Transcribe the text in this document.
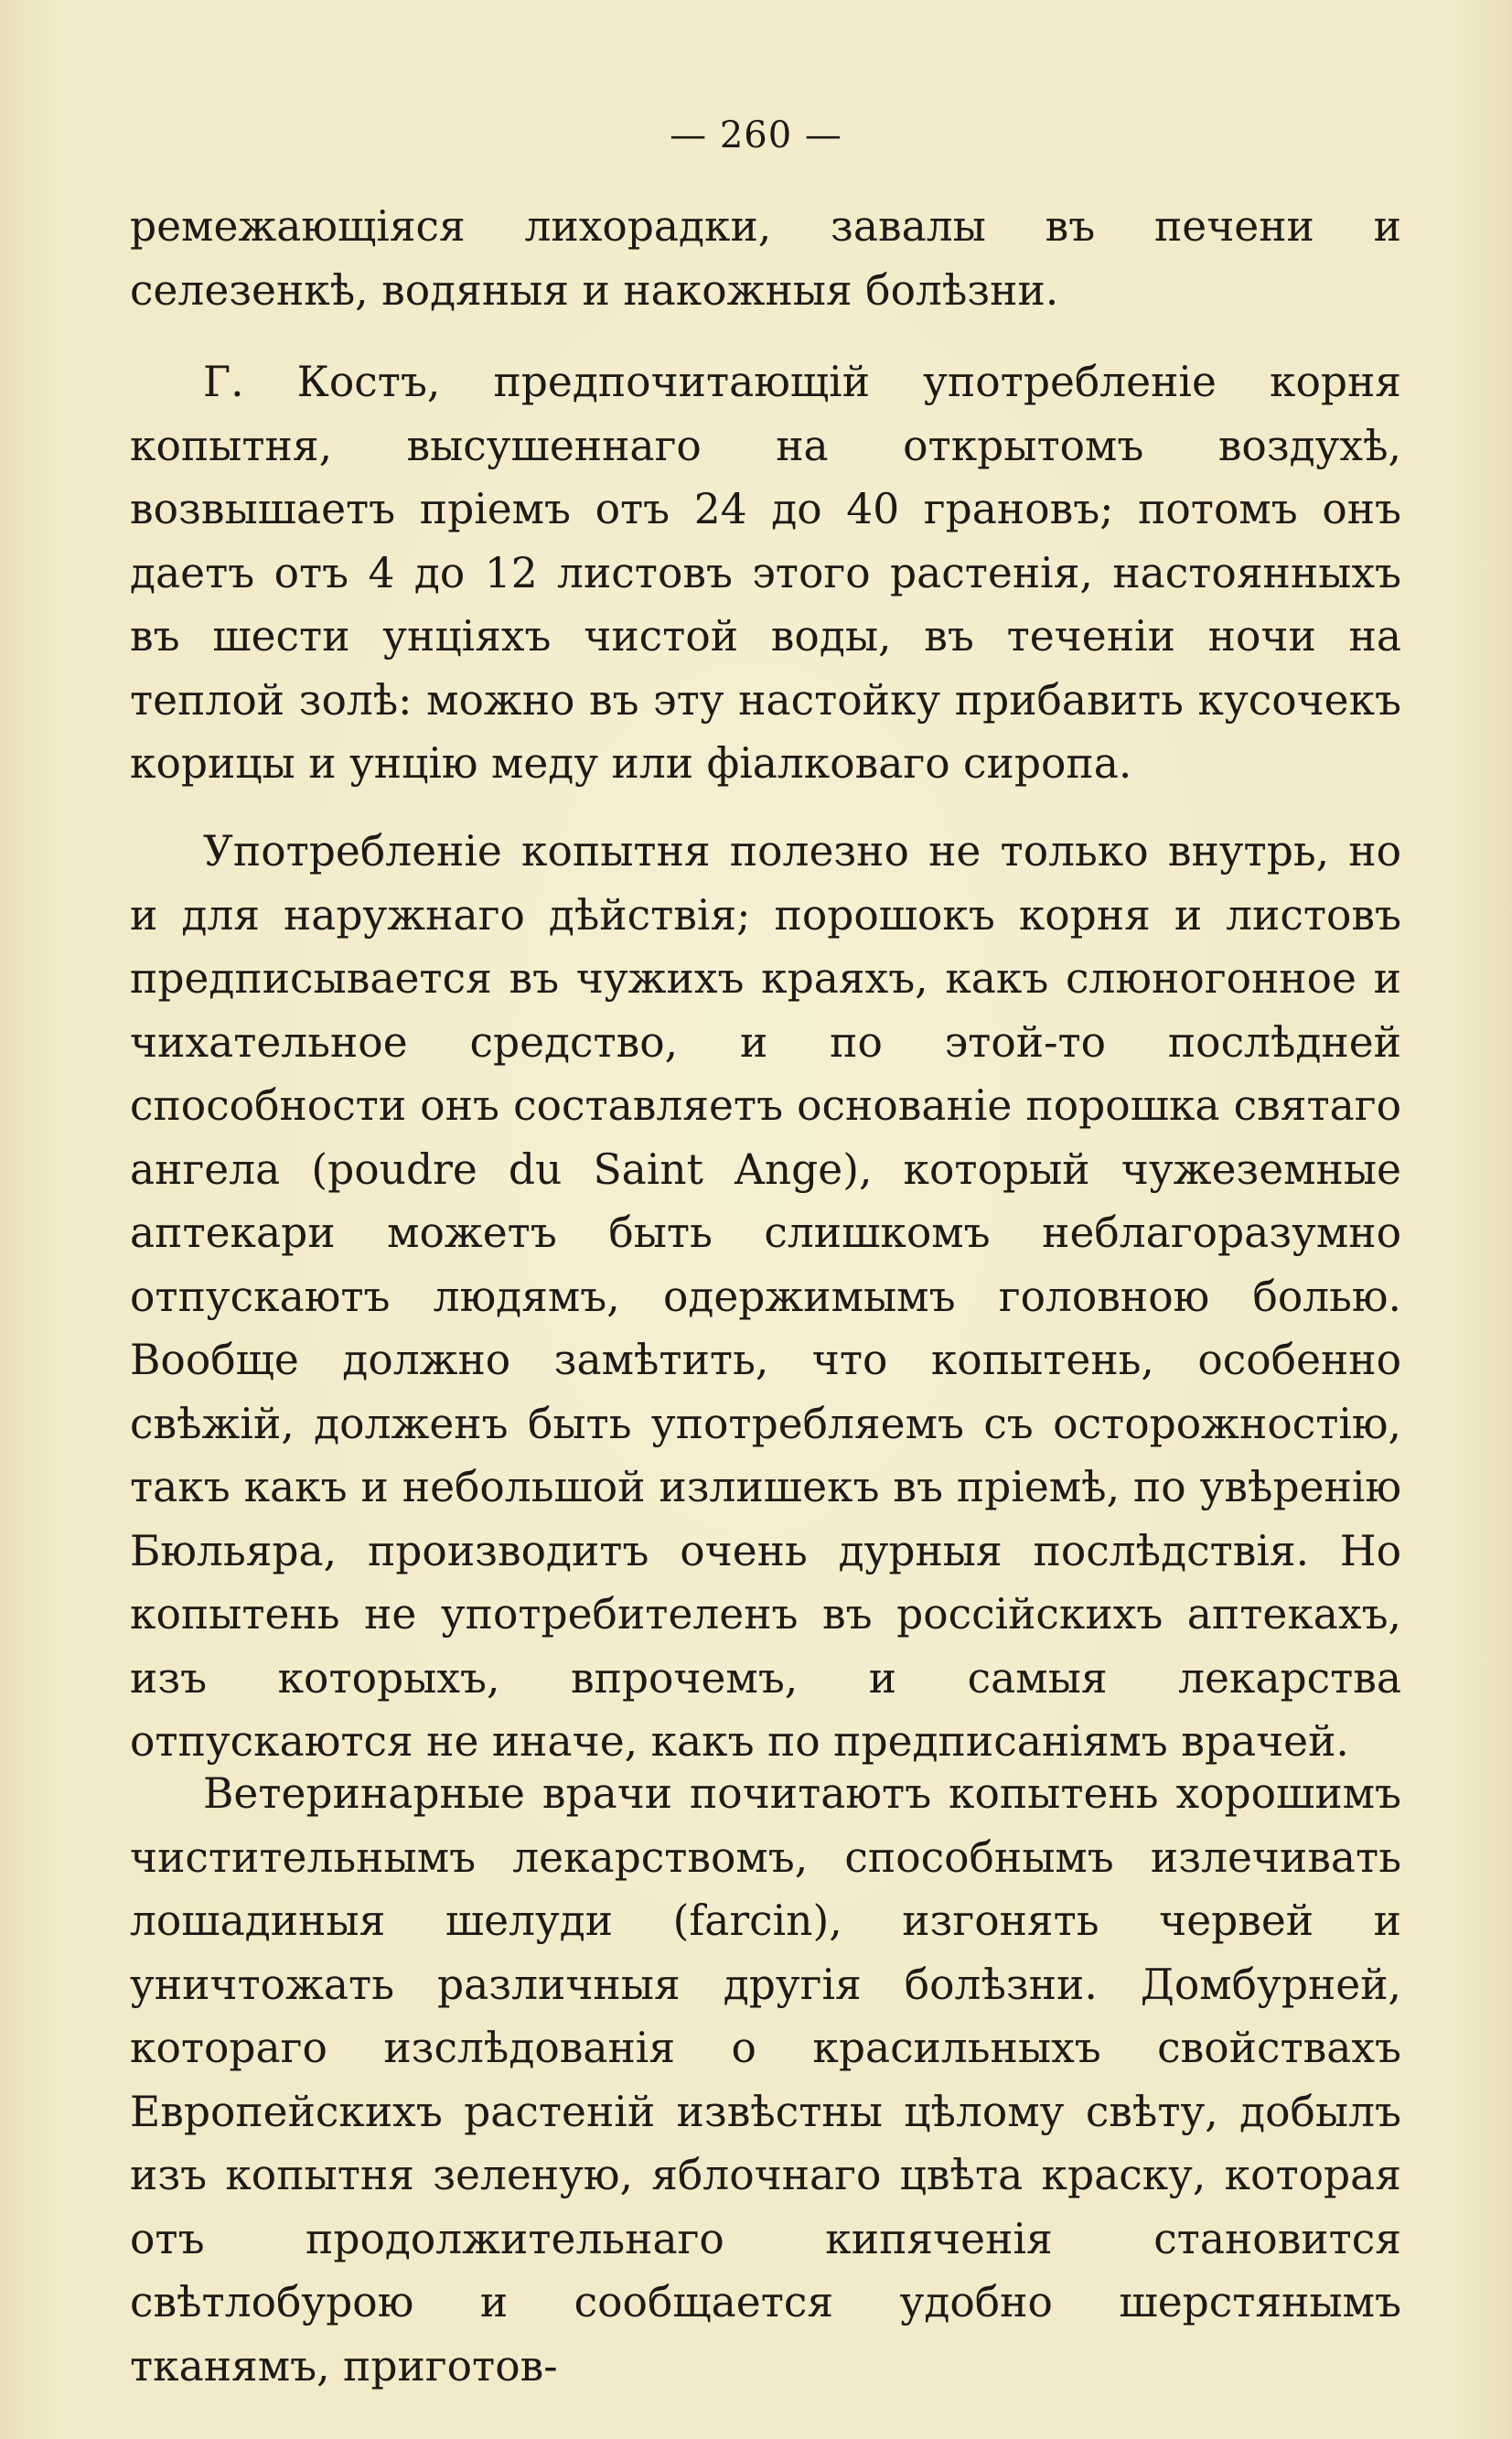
— 260 —

ремежающіяся лихорадки, завалы въ печени и селезенкѣ, водяныя и накожныя болѣзни.

Г. Костъ, предпочитающій употребленіе корня копытня, высушеннаго на открытомъ воздухѣ, возвышаетъ пріемъ отъ 24 до 40 грановъ; потомъ онъ даетъ отъ 4 до 12 листовъ этого растенія, настоянныхъ въ шести унціяхъ чистой воды, въ теченіи ночи на теплой золѣ: можно въ эту настойку прибавить кусочекъ корицы и унцію меду или фіалковаго сиропа.

Употребленіе копытня полезно не только внутрь, но и для наружнаго дѣйствія; порошокъ корня и листовъ предписывается въ чужихъ краяхъ, какъ слюногонное и чихательное средство, и по этой-то послѣдней способности онъ составляетъ основаніе порошка святаго ангела (poudre du Saint Ange), который чужеземные аптекари можетъ быть слишкомъ неблагоразумно отпускаютъ людямъ, одержимымъ головною болью. Вообще должно замѣтить, что копытень, особенно свѣжій, долженъ быть употребляемъ съ осторожностію, такъ какъ и небольшой излишекъ въ пріемѣ, по увѣренію Бюльяра, производитъ очень дурныя послѣдствія. Но копытень не употребителенъ въ россійскихъ аптекахъ, изъ которыхъ, впрочемъ, и самыя лекарства отпускаются не иначе, какъ по предписаніямъ врачей.

Ветеринарные врачи почитаютъ копытень хорошимъ чистительнымъ лекарствомъ, способнымъ излечивать лошадиныя шелуди (farcin), изгонять червей и уничтожать различныя другія болѣзни. Домбурней, котораго изслѣдованія о красильныхъ свойствахъ Европейскихъ растеній извѣстны цѣлому свѣту, добылъ изъ копытня зеленую, яблочнаго цвѣта краску, которая отъ продолжительнаго кипяченія становится свѣтлобурою и сообщается удобно шерстянымъ тканямъ, приготов-
